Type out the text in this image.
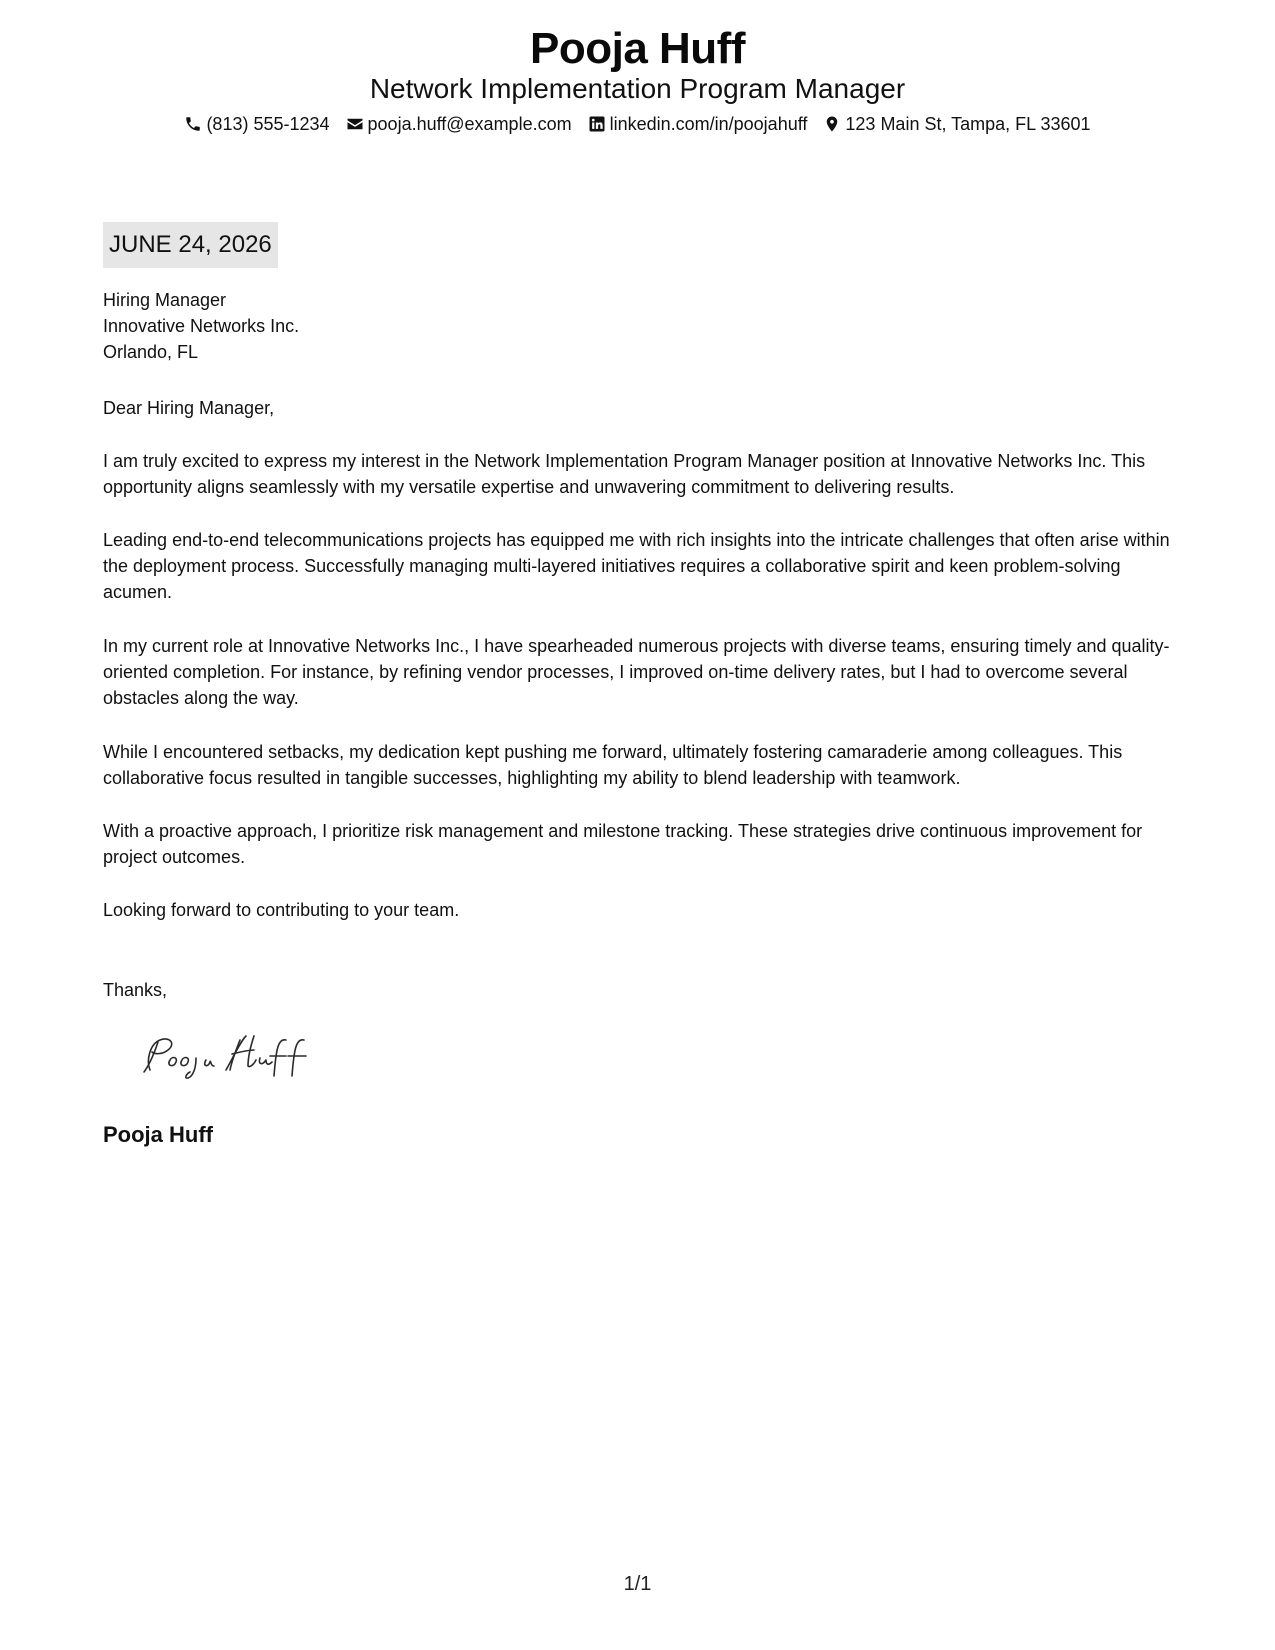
Pooja Huff
Network Implementation Program Manager
(813) 555-1234 pooja.huff@example.com linkedin.com/in/poojahuff 123 Main St, Tampa, FL 33601
JUNE 24, 2026
Hiring Manager
Innovative Networks Inc.
Orlando, FL
Dear Hiring Manager,
I am truly excited to express my interest in the Network Implementation Program Manager position at Innovative Networks Inc. This opportunity aligns seamlessly with my versatile expertise and unwavering commitment to delivering results.
Leading end-to-end telecommunications projects has equipped me with rich insights into the intricate challenges that often arise within the deployment process. Successfully managing multi-layered initiatives requires a collaborative spirit and keen problem-solving acumen.
In my current role at Innovative Networks Inc., I have spearheaded numerous projects with diverse teams, ensuring timely and quality-oriented completion. For instance, by refining vendor processes, I improved on-time delivery rates, but I had to overcome several obstacles along the way.
While I encountered setbacks, my dedication kept pushing me forward, ultimately fostering camaraderie among colleagues. This collaborative focus resulted in tangible successes, highlighting my ability to blend leadership with teamwork.
With a proactive approach, I prioritize risk management and milestone tracking. These strategies drive continuous improvement for project outcomes.
Looking forward to contributing to your team.
Thanks,
Pooja Huff
1/1
